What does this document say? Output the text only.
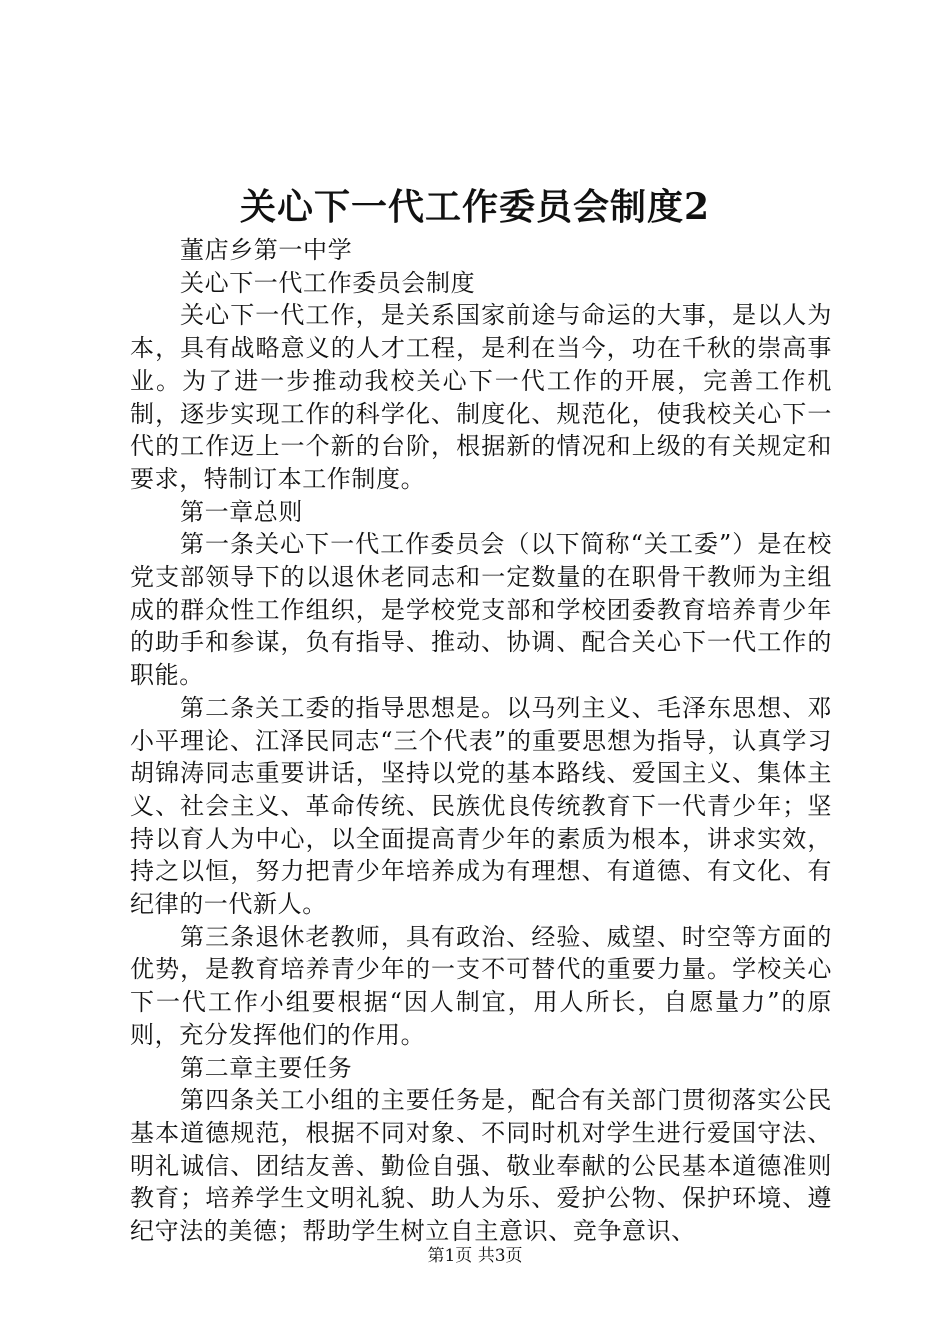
关心下一代工作委员会制度2

董店乡第一中学

关心下一代工作委员会制度

关心下一代工作，是关系国家前途与命运的大事，是以人为本，具有战略意义的人才工程，是利在当今，功在千秋的崇高事业。为了进一步推动我校关心下一代工作的开展，完善工作机制，逐步实现工作的科学化、制度化、规范化，使我校关心下一代的工作迈上一个新的台阶，根据新的情况和上级的有关规定和要求，特制订本工作制度。

第一章总则

第一条关心下一代工作委员会（以下简称“关工委”）是在校党支部领导下的以退休老同志和一定数量的在职骨干教师为主组成的群众性工作组织，是学校党支部和学校团委教育培养青少年的助手和参谋，负有指导、推动、协调、配合关心下一代工作的职能。

第二条关工委的指导思想是。以马列主义、毛泽东思想、邓小平理论、江泽民同志“三个代表”的重要思想为指导，认真学习胡锦涛同志重要讲话，坚持以党的基本路线、爱国主义、集体主义、社会主义、革命传统、民族优良传统教育下一代青少年；坚持以育人为中心，以全面提高青少年的素质为根本，讲求实效，持之以恒，努力把青少年培养成为有理想、有道德、有文化、有纪律的一代新人。

第三条退休老教师，具有政治、经验、威望、时空等方面的优势，是教育培养青少年的一支不可替代的重要力量。学校关心下一代工作小组要根据“因人制宜，用人所长，自愿量力”的原则，充分发挥他们的作用。

第二章主要任务

第四条关工小组的主要任务是，配合有关部门贯彻落实公民基本道德规范，根据不同对象、不同时机对学生进行爱国守法、明礼诚信、团结友善、勤俭自强、敬业奉献的公民基本道德准则教育；培养学生文明礼貌、助人为乐、爱护公物、保护环境、遵纪守法的美德；帮助学生树立自主意识、竞争意识、

第1页 共3页
